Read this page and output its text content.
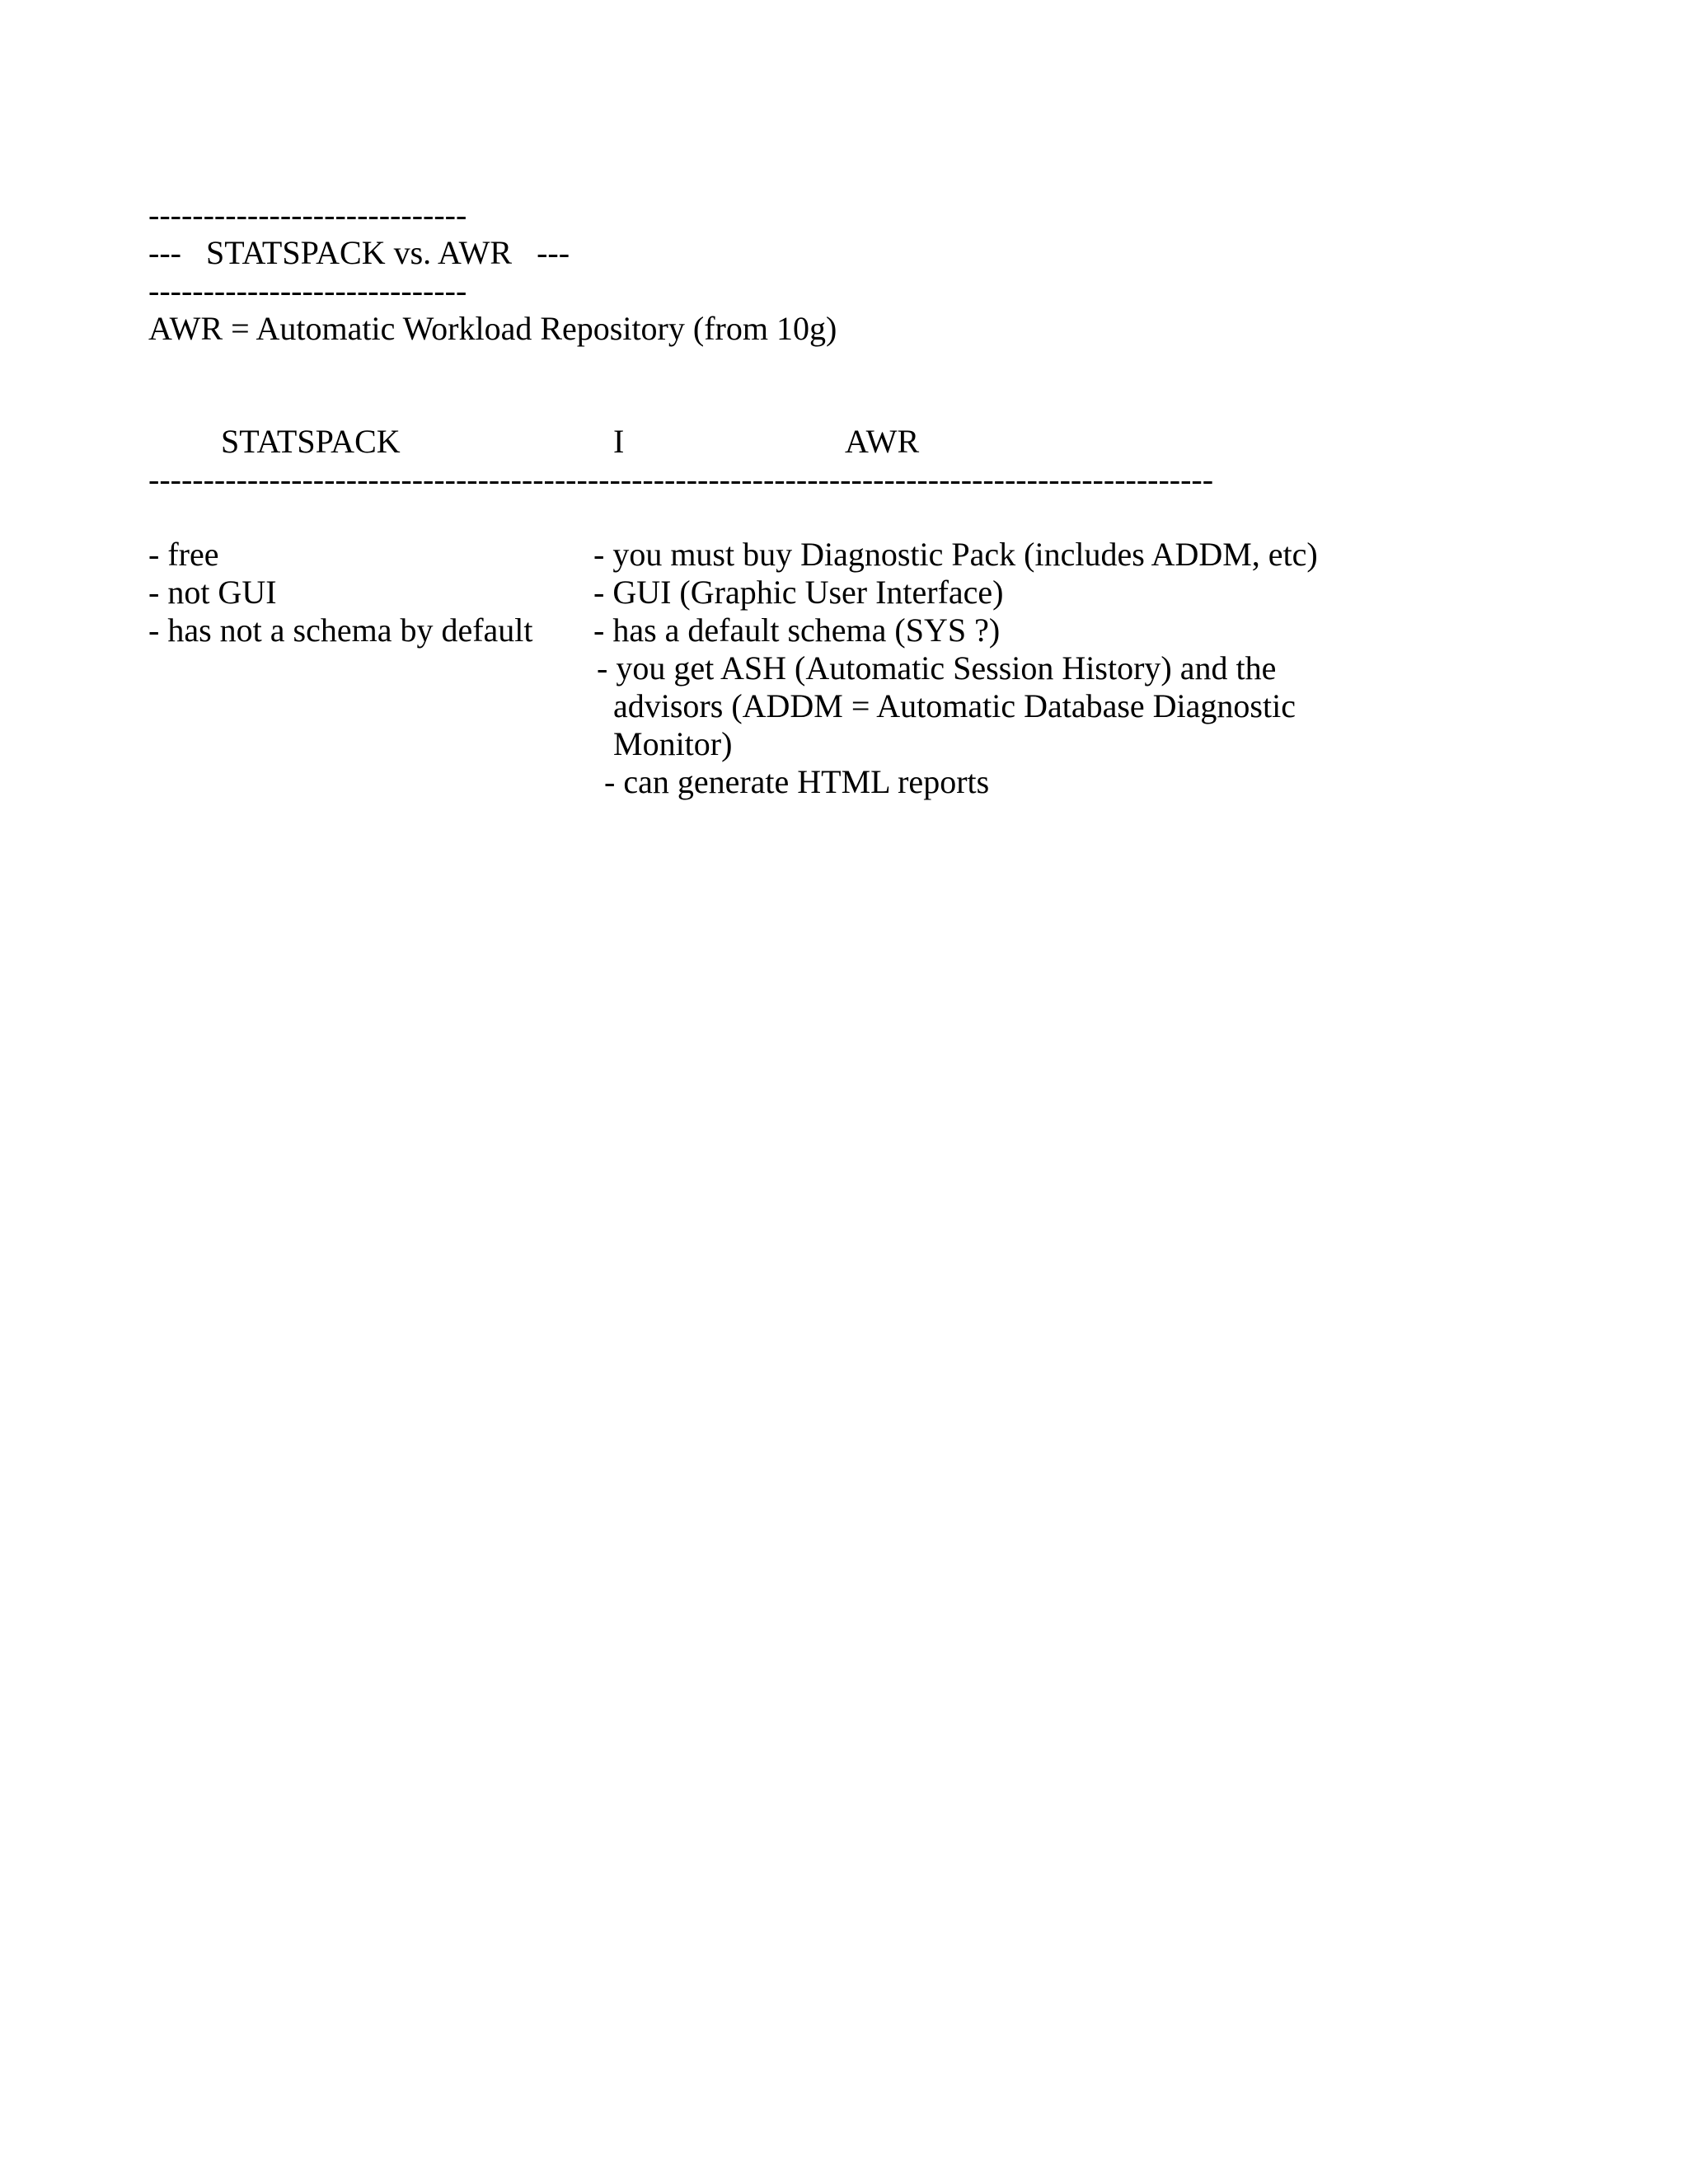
-----------------------------
---   STATSPACK vs. AWR   ---
-----------------------------
AWR = Automatic Workload Repository (from 10g)
STATSPACK	I	AWR
-------------------------------------------------------------------------------------------------
- free
- not GUI
- has not a schema by default
- you must buy Diagnostic Pack (includes ADDM, etc)
- GUI (Graphic User Interface)
- has a default schema (SYS ?)
- you get ASH (Automatic Session History) and the
advisors (ADDM = Automatic Database Diagnostic
Monitor)
- can generate HTML reports
